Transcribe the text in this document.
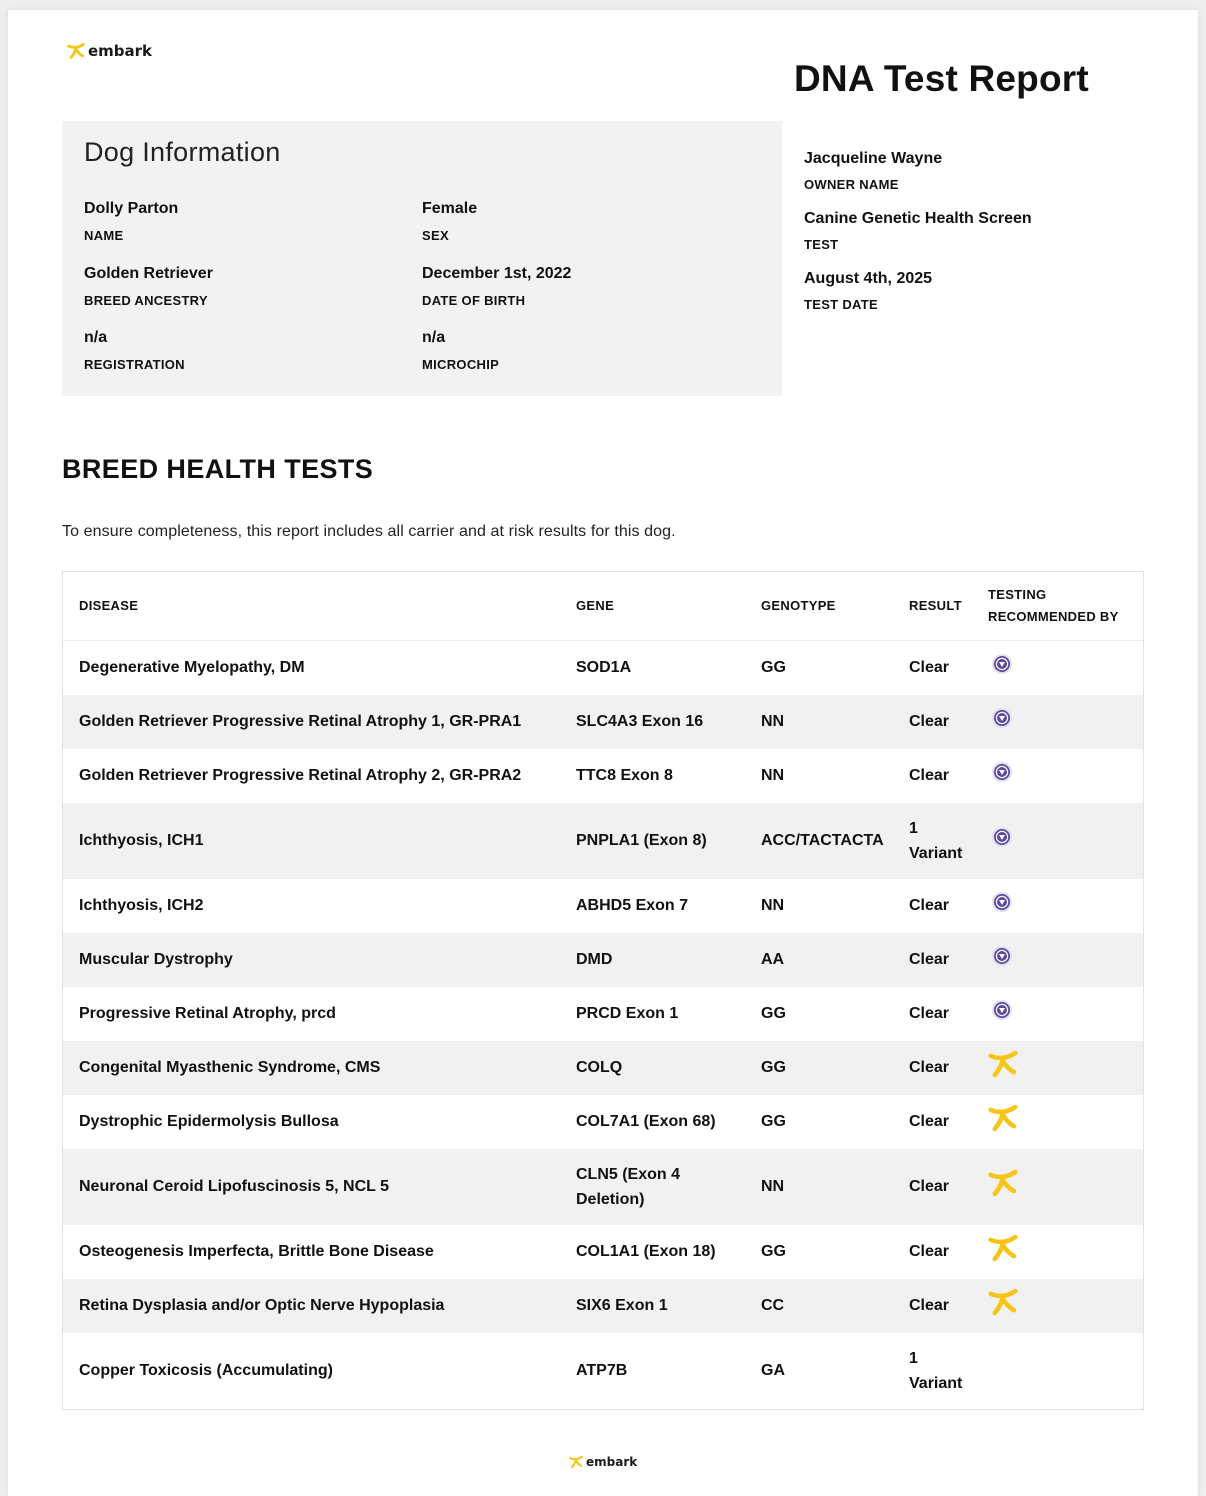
embark
DNA Test Report
Dog Information
Dolly Parton
NAME
Female
SEX
Golden Retriever
BREED ANCESTRY
December 1st, 2022
DATE OF BIRTH
n/a
REGISTRATION
n/a
MICROCHIP
Jacqueline Wayne
OWNER NAME
Canine Genetic Health Screen
TEST
August 4th, 2025
TEST DATE
BREED HEALTH TESTS

To ensure completeness, this report includes all carrier and at risk results for this dog.

DISEASE	GENE	GENOTYPE	RESULT	TESTING RECOMMENDED BY
Degenerative Myelopathy, DM	SOD1A	GG	Clear	
Golden Retriever Progressive Retinal Atrophy 1, GR-PRA1	SLC4A3 Exon 16	NN	Clear	
Golden Retriever Progressive Retinal Atrophy 2, GR-PRA2	TTC8 Exon 8	NN	Clear	
Ichthyosis, ICH1	PNPLA1 (Exon 8)	ACC/TACTACTA	1 Variant	
Ichthyosis, ICH2	ABHD5 Exon 7	NN	Clear	
Muscular Dystrophy	DMD	AA	Clear	
Progressive Retinal Atrophy, prcd	PRCD Exon 1	GG	Clear	
Congenital Myasthenic Syndrome, CMS	COLQ	GG	Clear	
Dystrophic Epidermolysis Bullosa	COL7A1 (Exon 68)	GG	Clear	
Neuronal Ceroid Lipofuscinosis 5, NCL 5	CLN5 (Exon 4 Deletion)	NN	Clear	
Osteogenesis Imperfecta, Brittle Bone Disease	COL1A1 (Exon 18)	GG	Clear	
Retina Dysplasia and/or Optic Nerve Hypoplasia	SIX6 Exon 1	CC	Clear	
Copper Toxicosis (Accumulating)	ATP7B	GA	1 Variant	
embark
